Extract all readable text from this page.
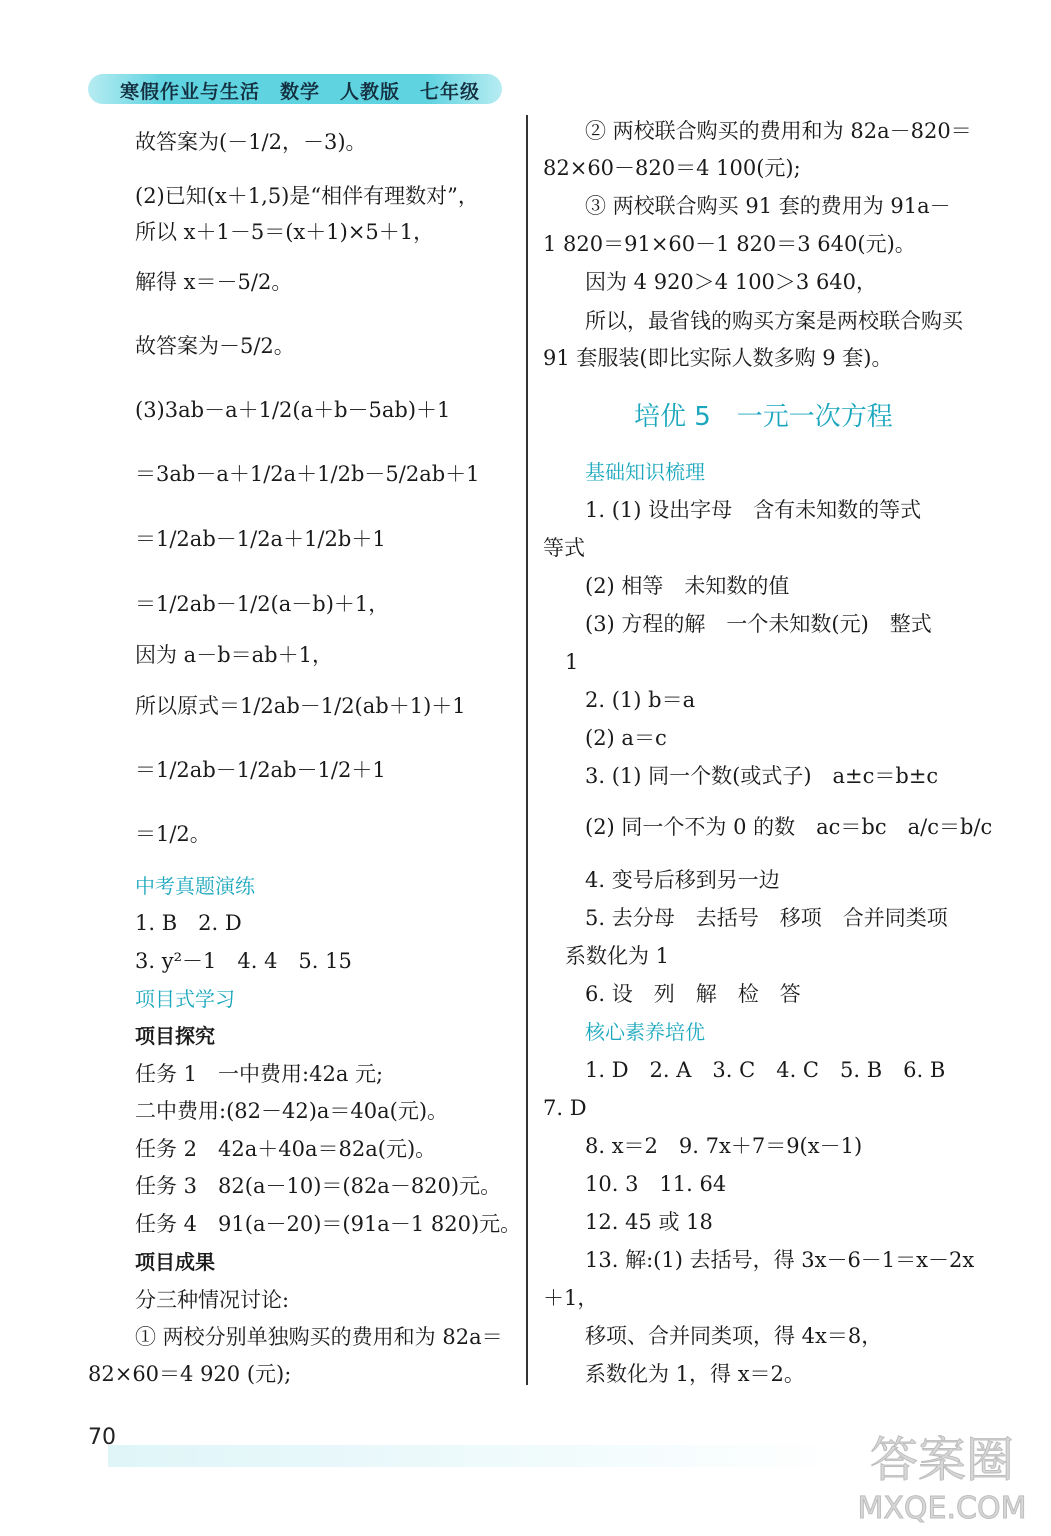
寒假作业与生活　数学　人教版　七年级
故答案为(－1/2，－3)。
(2)已知(x＋1,5)是“相伴有理数对”，
所以 x＋1－5＝(x＋1)×5＋1，
解得 x＝－5/2。
故答案为－5/2。
(3)3ab－a＋1/2(a＋b－5ab)＋1
＝3ab－a＋1/2a＋1/2b－5/2ab＋1
＝1/2ab－1/2a＋1/2b＋1
＝1/2ab－1/2(a－b)＋1，
因为 a－b＝ab＋1，
所以原式＝1/2ab－1/2(ab＋1)＋1
＝1/2ab－1/2ab－1/2＋1
＝1/2。
中考真题演练
1. B　2. D
3. y²－1　4. 4　5. 15
项目式学习
项目探究
任务 1　一中费用:42a 元;
二中费用:(82－42)a＝40a(元)。
任务 2　42a＋40a＝82a(元)。
任务 3　82(a－10)＝(82a－820)元。
任务 4　91(a－20)＝(91a－1 820)元。
项目成果
分三种情况讨论:
① 两校分别单独购买的费用和为 82a＝
82×60＝4 920 (元);
② 两校联合购买的费用和为 82a－820＝
82×60－820＝4 100(元);
③ 两校联合购买 91 套的费用为 91a－
1 820＝91×60－1 820＝3 640(元)。
因为 4 920＞4 100＞3 640，
所以，最省钱的购买方案是两校联合购买
91 套服装(即比实际人数多购 9 套)。
培优 5　一元一次方程
基础知识梳理
1. (1) 设出字母　含有未知数的等式
等式
(2) 相等　未知数的值
(3) 方程的解　一个未知数(元)　整式
1
2. (1) b＝a
(2) a＝c
3. (1) 同一个数(或式子)　a±c＝b±c
(2) 同一个不为 0 的数　ac＝bc　a/c＝b/c
4. 变号后移到另一边
5. 去分母　去括号　移项　合并同类项
系数化为 1
6. 设　列　解　检　答
核心素养培优
1. D　2. A　3. C　4. C　5. B　6. B
7. D
8. x＝2　9. 7x＋7＝9(x－1)
10. 3　11. 64
12. 45 或 18
13. 解:(1) 去括号，得 3x－6－1＝x－2x
＋1，
移项、合并同类项，得 4x＝8，
系数化为 1，得 x＝2。
70	答案圈
MXQE.COM
